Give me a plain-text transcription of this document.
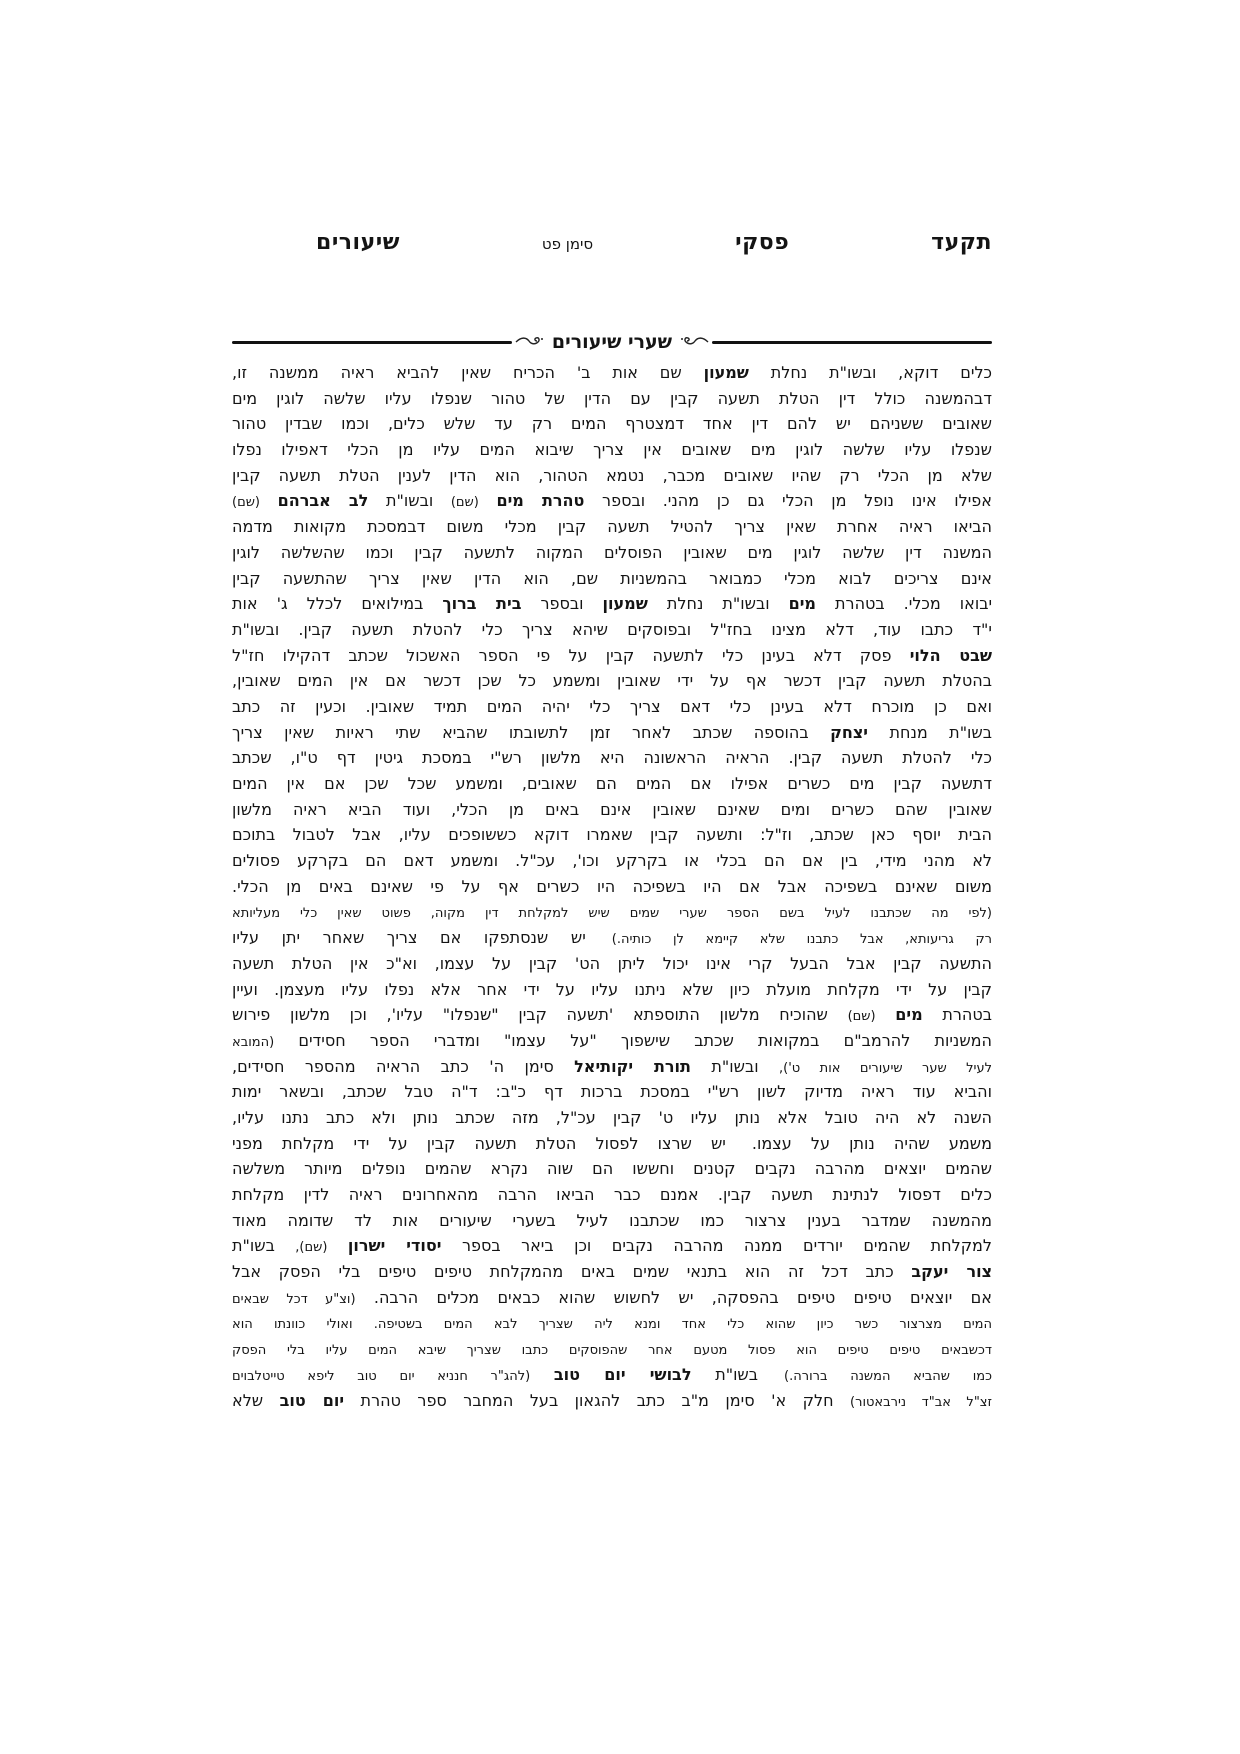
תקעד
פסקי
סימן פט
שיעורים
שערי שיעורים
כלים דוקא, ובשו"ת נחלת שמעון שם אות ב' הכריח שאין להביא ראיה ממשנה זו,
דבהמשנה כולל דין הטלת תשעה קבין עם הדין של טהור שנפלו עליו שלשה לוגין מים
שאובים ששניהם יש להם דין אחד דמצטרף המים רק עד שלש כלים, וכמו שבדין טהור
שנפלו עליו שלשה לוגין מים שאובים אין צריך שיבוא המים עליו מן הכלי דאפילו נפלו
שלא מן הכלי רק שהיו שאובים מכבר, נטמא הטהור, הוא הדין לענין הטלת תשעה קבין
אפילו אינו נופל מן הכלי גם כן מהני. ובספר טהרת מים (שם) ובשו"ת לב אברהם (שם)
הביאו ראיה אחרת שאין צריך להטיל תשעה קבין מכלי משום דבמסכת מקואות מדמה
המשנה דין שלשה לוגין מים שאובין הפוסלים המקוה לתשעה קבין וכמו שהשלשה לוגין
אינם צריכים לבוא מכלי כמבואר בהמשניות שם, הוא הדין שאין צריך שהתשעה קבין
יבואו מכלי. בטהרת מים ובשו"ת נחלת שמעון ובספר בית ברוך במילואים לכלל ג' אות
י"ד כתבו עוד, דלא מצינו בחז"ל ובפוסקים שיהא צריך כלי להטלת תשעה קבין. ובשו"ת
שבט הלוי פסק דלא בעינן כלי לתשעה קבין על פי הספר האשכול שכתב דהקילו חז"ל
בהטלת תשעה קבין דכשר אף על ידי שאובין ומשמע כל שכן דכשר אם אין המים שאובין,
ואם כן מוכרח דלא בעינן כלי דאם צריך כלי יהיה המים תמיד שאובין. וכעין זה כתב
בשו"ת מנחת יצחק בהוספה שכתב לאחר זמן לתשובתו שהביא שתי ראיות שאין צריך
כלי להטלת תשעה קבין. הראיה הראשונה היא מלשון רש"י במסכת גיטין דף ט"ו, שכתב
דתשעה קבין מים כשרים אפילו אם המים הם שאובים, ומשמע שכל שכן אם אין המים
שאובין שהם כשרים ומים שאינם שאובין אינם באים מן הכלי, ועוד הביא ראיה מלשון
הבית יוסף כאן שכתב, וז"ל: ותשעה קבין שאמרו דוקא כששופכים עליו, אבל לטבול בתוכם
לא מהני מידי, בין אם הם בכלי או בקרקע וכו', עכ"ל. ומשמע דאם הם בקרקע פסולים
משום שאינם בשפיכה אבל אם היו בשפיכה היו כשרים אף על פי שאינם באים מן הכלי.
(לפי מה שכתבנו לעיל בשם הספר שערי שמים שיש למקלחת דין מקוה, פשוט שאין כלי מעליותא
רק גריעותא, אבל כתבנו שלא קיימא לן כותיה.)יש שנסתפקו אם צריך שאחר יתן עליו
התשעה קבין אבל הבעל קרי אינו יכול ליתן הט' קבין על עצמו, וא"כ אין הטלת תשעה
קבין על ידי מקלחת מועלת כיון שלא ניתנו עליו על ידי אחר אלא נפלו עליו מעצמן. ועיין
בטהרת מים (שם) שהוכיח מלשון התוספתא 'תשעה קבין "שנפלו" עליו', וכן מלשון פירוש
המשניות להרמב"ם במקואות שכתב שישפוך "על עצמו" ומדברי הספר חסידים (המובא
לעיל שער שיעורים אות ט'), ובשו"ת תורת יקותיאל סימן ה' כתב הראיה מהספר חסידים,
והביא עוד ראיה מדיוק לשון רש"י במסכת ברכות דף כ"ב: ד"ה טבל שכתב, ובשאר ימות
השנה לא היה טובל אלא נותן עליו ט' קבין עכ"ל, מזה שכתב נותן ולא כתב נתנו עליו,
משמע שהיה נותן על עצמו.יש שרצו לפסול הטלת תשעה קבין על ידי מקלחת מפני
שהמים יוצאים מהרבה נקבים קטנים וחששו הם שוה נקרא שהמים נופלים מיותר משלשה
כלים דפסול לנתינת תשעה קבין. אמנם כבר הביאו הרבה מהאחרונים ראיה לדין מקלחת
מהמשנה שמדבר בענין צרצור כמו שכתבנו לעיל בשערי שיעורים אות לד שדומה מאוד
למקלחת שהמים יורדים ממנה מהרבה נקבים וכן ביאר בספר יסודי ישרון (שם), בשו"ת
צור יעקב כתב דכל זה הוא בתנאי שמים באים מהמקלחת טיפים טיפים בלי הפסק אבל
אם יוצאים טיפים טיפים בהפסקה, יש לחשוש שהוא כבאים מכלים הרבה. (וצ"ע דכל שבאים
המים מצרצור כשר כיון שהוא כלי אחד ומנא ליה שצריך לבא המים בשטיפה. ואולי כוונתו הוא
דכשבאים טיפים טיפים הוא פסול מטעם אחר שהפוסקים כתבו שצריך שיבא המים עליו בלי הפסק
כמו שהביא המשנה ברורה.)בשו"ת לבושי יום טוב (להג"ר חנניא יום טוב ליפא טייטלבוים
זצ"ל אב"ד נירבאטור) חלק א' סימן מ"ב כתב להגאון בעל המחבר ספר טהרת יום טוב שלא
